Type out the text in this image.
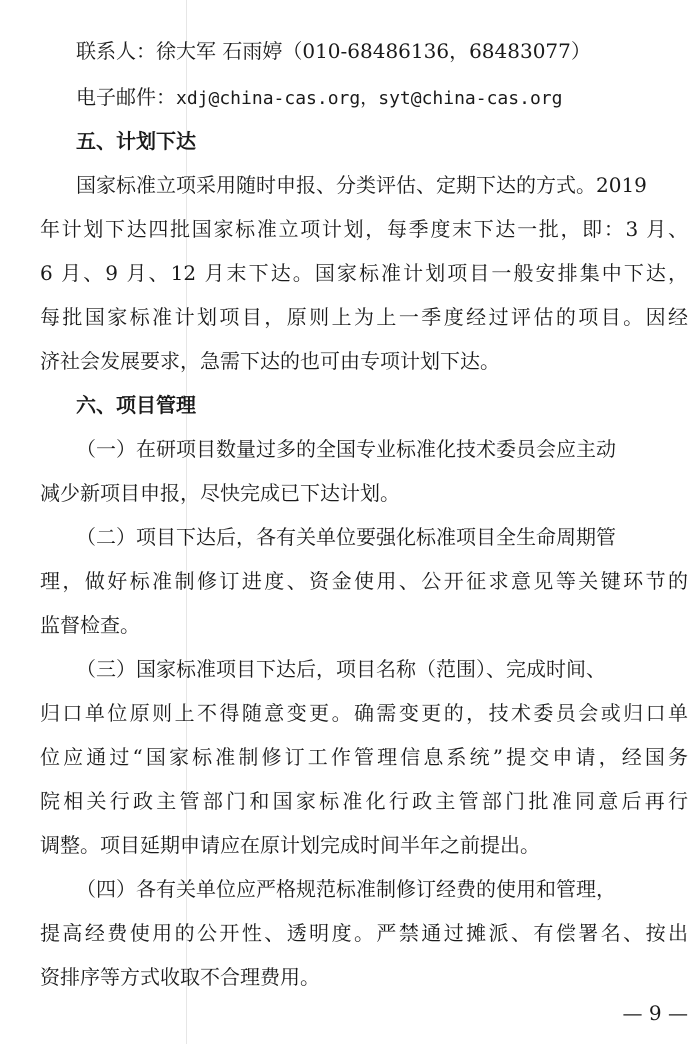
联系人：徐大军 石雨婷（010-68486136，68483077）
电子邮件：xdj@china-cas.org，syt@china-cas.org
五、计划下达
国家标准立项采用随时申报、分类评估、定期下达的方式。2019
年计划下达四批国家标准立项计划，每季度末下达一批，即：3 月、
6 月、9 月、12 月末下达。国家标准计划项目一般安排集中下达，
每批国家标准计划项目，原则上为上一季度经过评估的项目。因经
济社会发展要求，急需下达的也可由专项计划下达。
六、项目管理
（一）在研项目数量过多的全国专业标准化技术委员会应主动
减少新项目申报，尽快完成已下达计划。
（二）项目下达后，各有关单位要强化标准项目全生命周期管
理，做好标准制修订进度、资金使用、公开征求意见等关键环节的
监督检查。
（三）国家标准项目下达后，项目名称（范围）、完成时间、
归口单位原则上不得随意变更。确需变更的，技术委员会或归口单
位应通过“国家标准制修订工作管理信息系统”提交申请，经国务
院相关行政主管部门和国家标准化行政主管部门批准同意后再行
调整。项目延期申请应在原计划完成时间半年之前提出。
（四）各有关单位应严格规范标准制修订经费的使用和管理，
提高经费使用的公开性、透明度。严禁通过摊派、有偿署名、按出
资排序等方式收取不合理费用。
— 9 —
